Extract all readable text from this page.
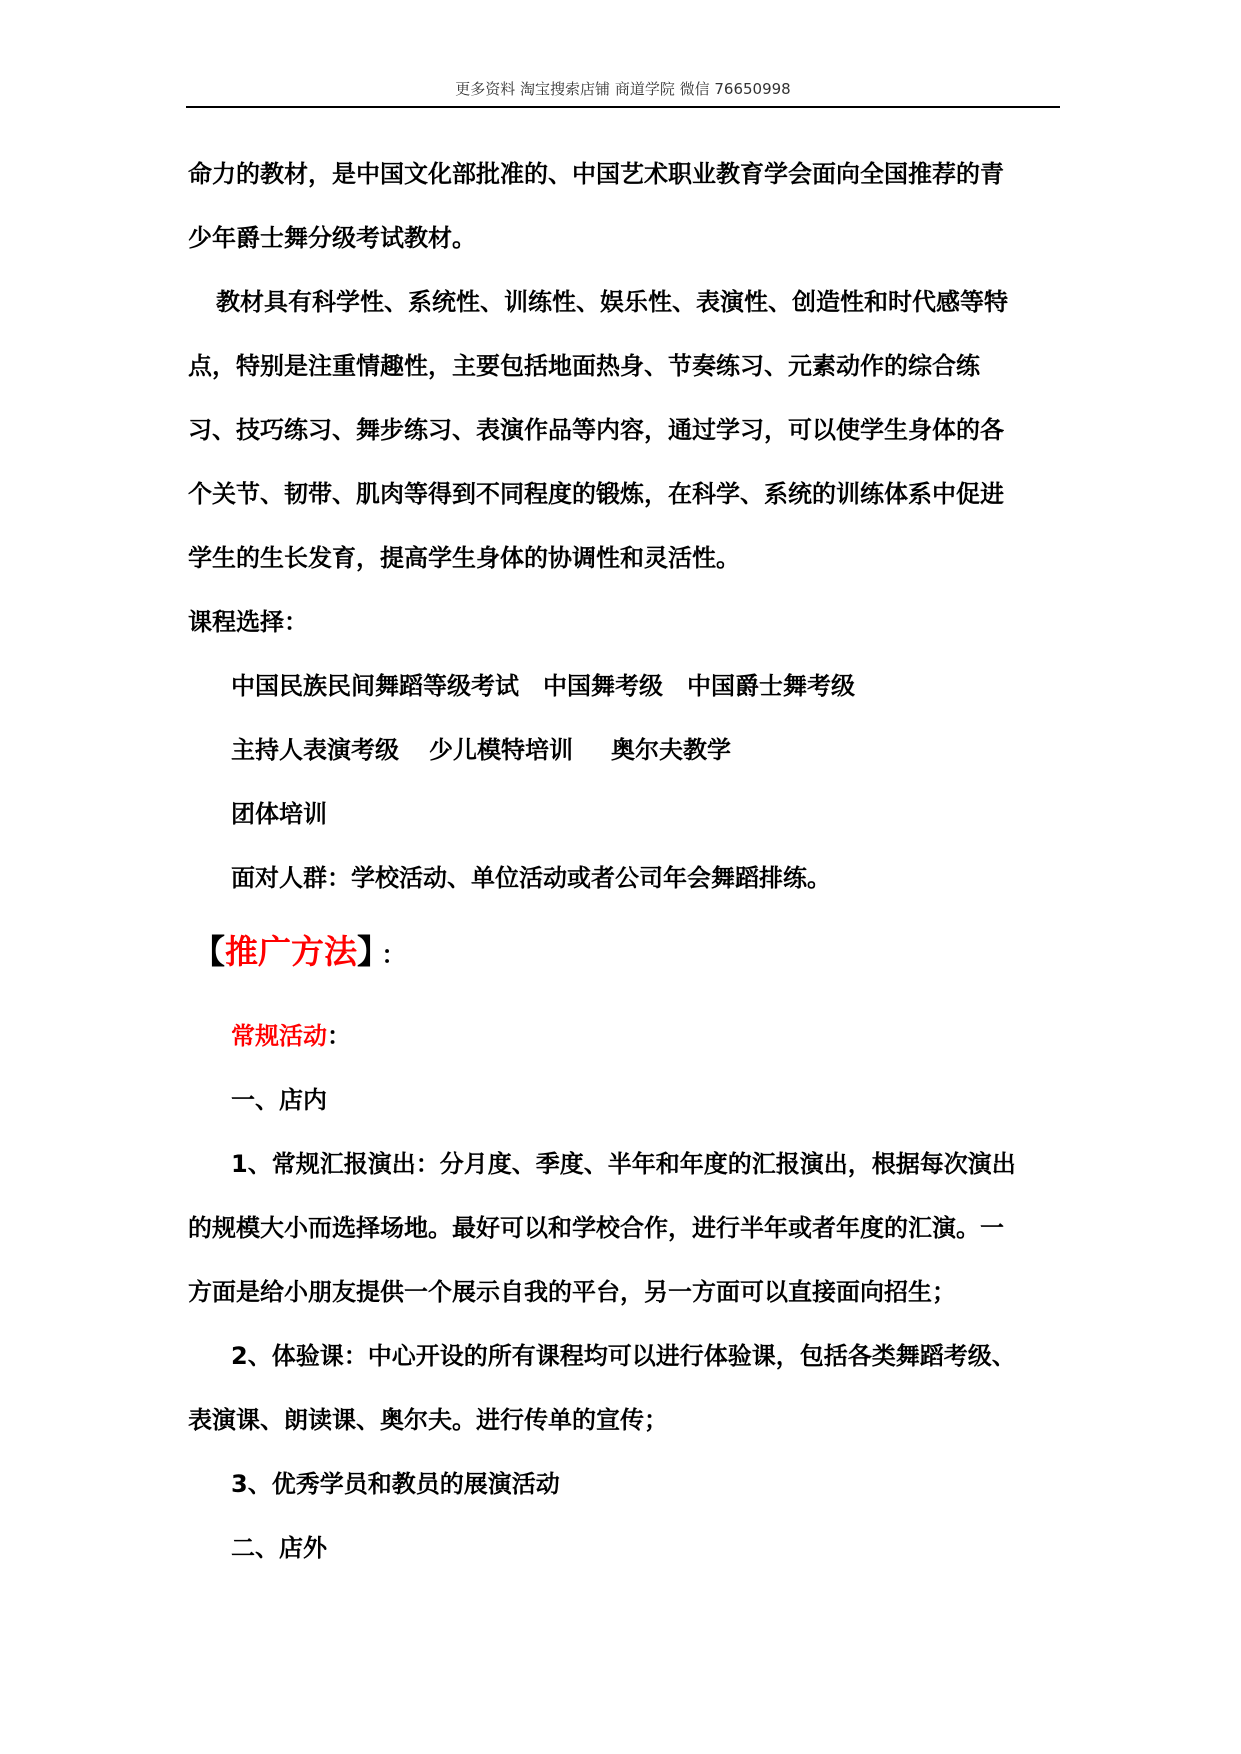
更多资料 淘宝搜索店铺 商道学院 微信 76650998
命力的教材，是中国文化部批准的、中国艺术职业教育学会面向全国推荐的青
少年爵士舞分级考试教材。
教材具有科学性、系统性、训练性、娱乐性、表演性、创造性和时代感等特
点，特别是注重情趣性，主要包括地面热身、节奏练习、元素动作的综合练
习、技巧练习、舞步练习、表演作品等内容，通过学习，可以使学生身体的各
个关节、韧带、肌肉等得到不同程度的锻炼，在科学、系统的训练体系中促进
学生的生长发育，提高学生身体的协调性和灵活性。
课程选择：
中国民族民间舞蹈等级考试 中国舞考级 中国爵士舞考级
主持人表演考级 少儿模特培训 奥尔夫教学
团体培训
面对人群：学校活动、单位活动或者公司年会舞蹈排练。
【推广方法】 ：
常规活动：
一、店内
1、常规汇报演出：分月度、季度、半年和年度的汇报演出，根据每次演出
的规模大小而选择场地。最好可以和学校合作，进行半年或者年度的汇演。一
方面是给小朋友提供一个展示自我的平台，另一方面可以直接面向招生；
2、体验课：中心开设的所有课程均可以进行体验课，包括各类舞蹈考级、
表演课、朗读课、奥尔夫。进行传单的宣传；
3、优秀学员和教员的展演活动
二、店外
